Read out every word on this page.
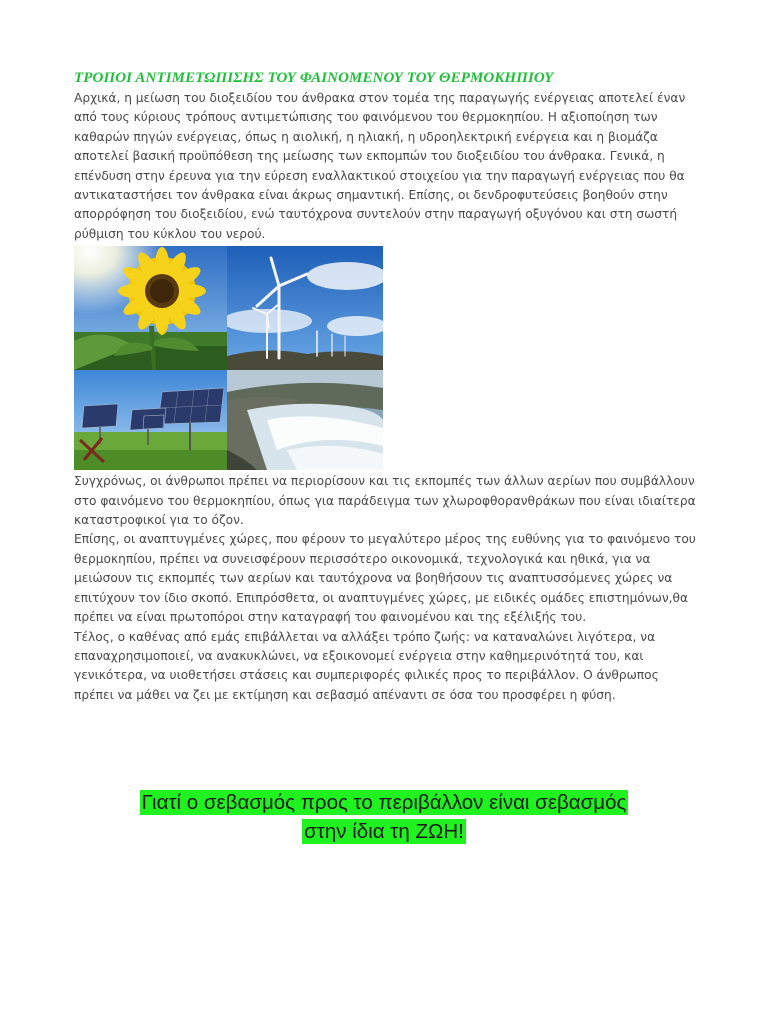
ΤΡΟΠΟΙ ΑΝΤΙΜΕΤΩΠΙΣΗΣ ΤΟΥ ΦΑΙΝΟΜΕΝΟΥ ΤΟΥ ΘΕΡΜΟΚΗΠΙΟΥ

Αρχικά, η μείωση του διοξειδίου του άνθρακα στον τομέα της παραγωγής ενέργειας αποτελεί έναν από τους κύριους τρόπους αντιμετώπισης του φαινόμενου του θερμοκηπίου. Η αξιοποίηση των καθαρών πηγών ενέργειας, όπως η αιολική, η ηλιακή, η υδροηλεκτρική ενέργεια και η βιομάζα αποτελεί βασική προϋπόθεση της μείωσης των εκπομπών του διοξειδίου του άνθρακα. Γενικά, η επένδυση στην έρευνα για την εύρεση εναλλακτικού στοιχείου για την παραγωγή ενέργειας που θα αντικαταστήσει τον άνθρακα είναι άκρως σημαντική. Επίσης, οι δενδροφυτεύσεις βοηθούν στην απορρόφηση του διοξειδίου, ενώ ταυτόχρονα συντελούν στην παραγωγή οξυγόνου και στη σωστή ρύθμιση του κύκλου του νερού.

Συγχρόνως, οι άνθρωποι πρέπει να περιορίσουν και τις εκπομπές των άλλων αερίων που συμβάλλουν στο φαινόμενο του θερμοκηπίου, όπως για παράδειγμα των χλωροφθορανθράκων που είναι ιδιαίτερα καταστροφικοί για το όζον.

Επίσης, οι αναπτυγμένες χώρες, που φέρουν το μεγαλύτερο μέρος της ευθύνης για το φαινόμενο του θερμοκηπίου, πρέπει να συνεισφέρουν περισσότερο οικονομικά, τεχνολογικά και ηθικά, για να μειώσουν τις εκπομπές των αερίων και ταυτόχρονα να βοηθήσουν τις αναπτυσσόμενες χώρες να επιτύχουν τον ίδιο σκοπό. Επιπρόσθετα, οι αναπτυγμένες χώρες, με ειδικές ομάδες επιστημόνων,θα πρέπει να είναι πρωτοπόροι στην καταγραφή του φαινομένου και της εξέλιξής του.

Τέλος, ο καθένας από εμάς επιβάλλεται να αλλάξει τρόπο ζωής: να καταναλώνει λιγότερα, να επαναχρησιμοποιεί, να ανακυκλώνει, να εξοικονομεί ενέργεια στην καθημερινότητά του, και γενικότερα, να υιοθετήσει στάσεις και συμπεριφορές φιλικές προς το περιβάλλον. Ο άνθρωπος πρέπει να μάθει να ζει με εκτίμηση και σεβασμό απέναντι σε όσα του προσφέρει η φύση.

Γιατί ο σεβασμός προς το περιβάλλον είναι σεβασμός
στην ίδια τη ΖΩΗ!
